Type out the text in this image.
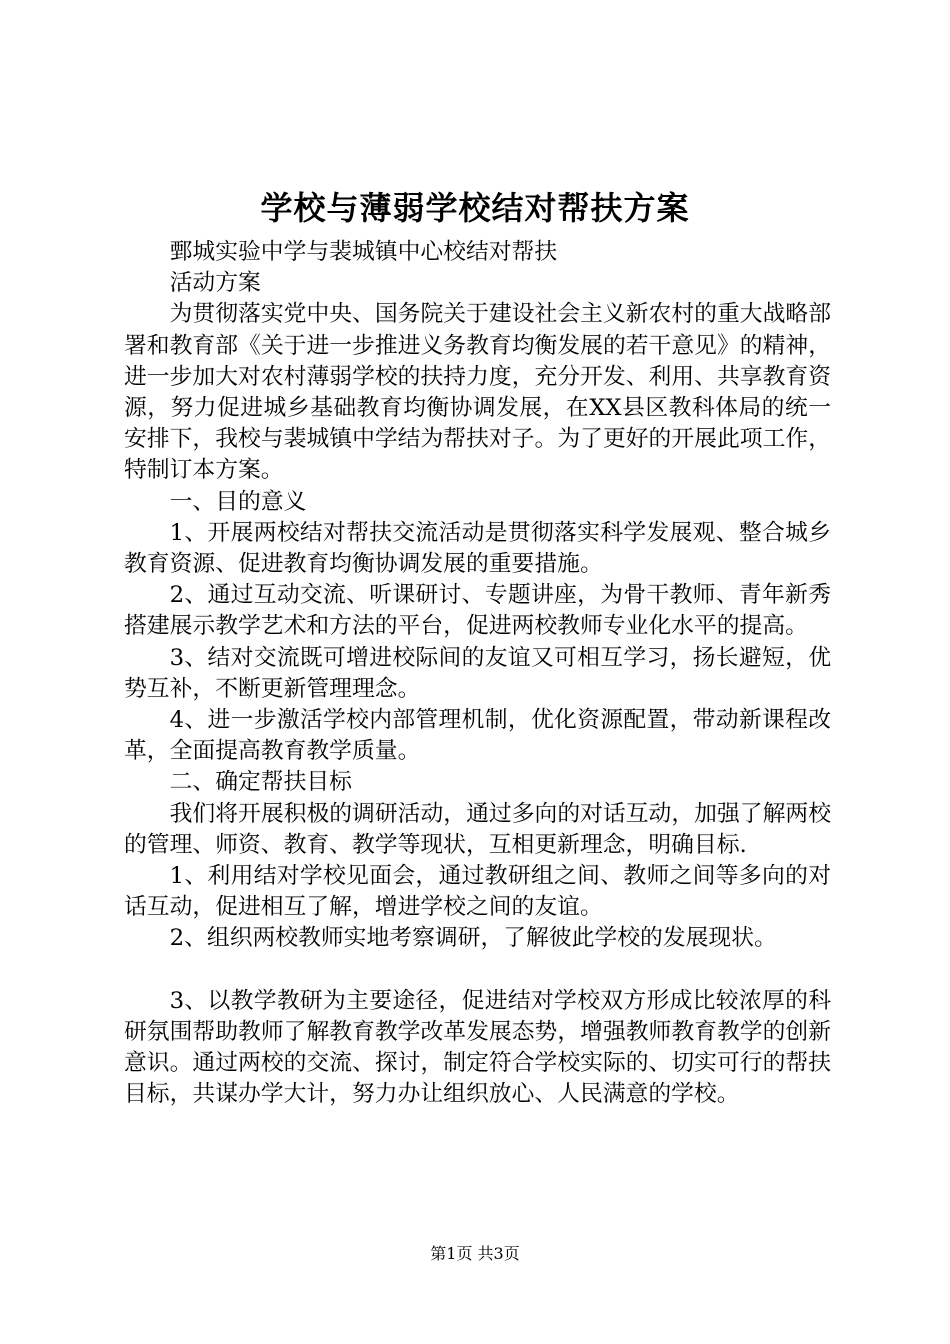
学校与薄弱学校结对帮扶方案

鄄城实验中学与裴城镇中心校结对帮扶

活动方案

为贯彻落实党中央、国务院关于建设社会主义新农村的重大战略部署和教育部《关于进一步推进义务教育均衡发展的若干意见》的精神，进一步加大对农村薄弱学校的扶持力度，充分开发、利用、共享教育资源，努力促进城乡基础教育均衡协调发展，在XX县区教科体局的统一安排下，我校与裴城镇中学结为帮扶对子。为了更好的开展此项工作，特制订本方案。

一、目的意义

1、开展两校结对帮扶交流活动是贯彻落实科学发展观、整合城乡教育资源、促进教育均衡协调发展的重要措施。

2、通过互动交流、听课研讨、专题讲座，为骨干教师、青年新秀搭建展示教学艺术和方法的平台，促进两校教师专业化水平的提高。

3、结对交流既可增进校际间的友谊又可相互学习，扬长避短，优势互补，不断更新管理理念。

4、进一步激活学校内部管理机制，优化资源配置，带动新课程改革，全面提高教育教学质量。

二、确定帮扶目标

我们将开展积极的调研活动，通过多向的对话互动，加强了解两校的管理、师资、教育、教学等现状，互相更新理念，明确目标.

1、利用结对学校见面会，通过教研组之间、教师之间等多向的对话互动，促进相互了解，增进学校之间的友谊。

2、组织两校教师实地考察调研，了解彼此学校的发展现状。

3、以教学教研为主要途径，促进结对学校双方形成比较浓厚的科研氛围帮助教师了解教育教学改革发展态势，增强教师教育教学的创新意识。通过两校的交流、探讨，制定符合学校实际的、切实可行的帮扶目标，共谋办学大计，努力办让组织放心、人民满意的学校。

第1页 共3页
